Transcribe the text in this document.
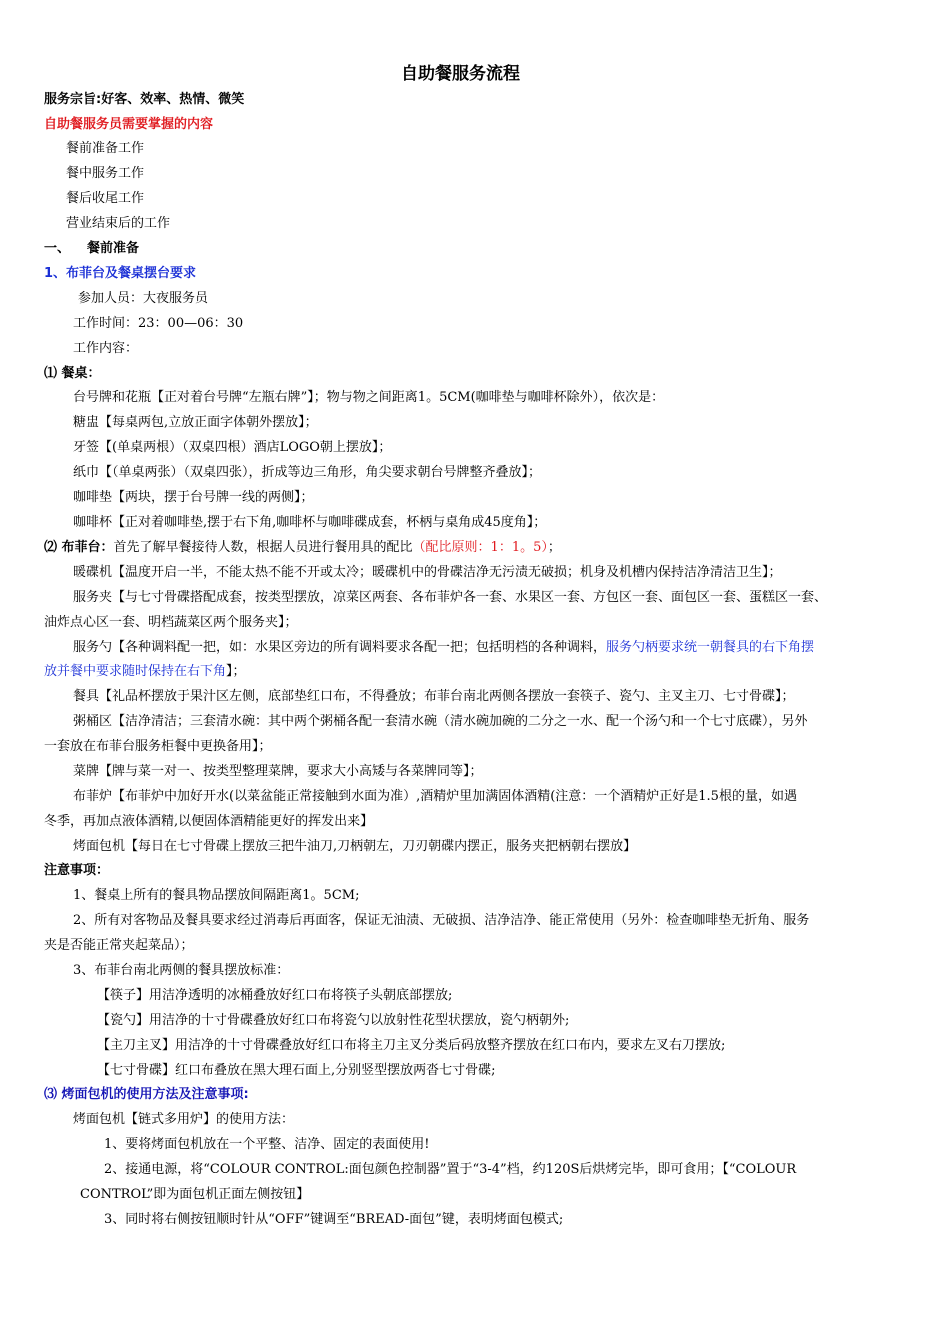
自助餐服务流程
服务宗旨:好客、效率、热情、微笑
自助餐服务员需要掌握的内容
餐前准备工作
餐中服务工作
餐后收尾工作
营业结束后的工作
一、 餐前准备
1、布菲台及餐桌摆台要求
参加人员：大夜服务员
工作时间：23：00—06：30
工作内容：
⑴ 餐桌：
台号牌和花瓶【正对着台号牌“左瓶右牌”】；物与物之间距离1。5CM(咖啡垫与咖啡杯除外），依次是：
糖盅【每桌两包,立放正面字体朝外摆放】；
牙签【(单桌两根）（双桌四根）酒店LOGO朝上摆放】；
纸巾【（单桌两张）（双桌四张），折成等边三角形，角尖要求朝台号牌整齐叠放】；
咖啡垫【两块，摆于台号牌一线的两侧】；
咖啡杯【正对着咖啡垫,摆于右下角,咖啡杯与咖啡碟成套，杯柄与桌角成45度角】；
⑵ 布菲台：首先了解早餐接待人数，根据人员进行餐用具的配比（配比原则：1：1。5）；
暖碟机【温度开启一半，不能太热不能不开或太冷；暖碟机中的骨碟洁净无污渍无破损；机身及机槽内保持洁净清洁卫生】；
服务夹【与七寸骨碟搭配成套，按类型摆放，凉菜区两套、各布菲炉各一套、水果区一套、方包区一套、面包区一套、蛋糕区一套、
油炸点心区一套、明档蔬菜区两个服务夹】；
服务勺【各种调料配一把，如：水果区旁边的所有调料要求各配一把；包括明档的各种调料，服务勺柄要求统一朝餐具的右下角摆
放并餐中要求随时保持在右下角】；
餐具【礼品杯摆放于果汁区左侧，底部垫红口布，不得叠放；布菲台南北两侧各摆放一套筷子、瓷勺、主叉主刀、七寸骨碟】；
粥桶区【洁净清洁；三套清水碗：其中两个粥桶各配一套清水碗（清水碗加碗的二分之一水、配一个汤勺和一个七寸底碟），另外
一套放在布菲台服务柜餐中更换备用】；
菜牌【牌与菜一对一、按类型整理菜牌，要求大小高矮与各菜牌同等】；
布菲炉【布菲炉中加好开水(以菜盆能正常接触到水面为准）,酒精炉里加满固体酒精(注意：一个酒精炉正好是1.5根的量，如遇
冬季，再加点液体酒精,以便固体酒精能更好的挥发出来】
烤面包机【每日在七寸骨碟上摆放三把牛油刀,刀柄朝左，刀刃朝碟内摆正，服务夹把柄朝右摆放】
注意事项：
1、餐桌上所有的餐具物品摆放间隔距离1。5CM;
2、所有对客物品及餐具要求经过消毒后再面客，保证无油渍、无破损、洁净洁净、能正常使用（另外：检查咖啡垫无折角、服务
夹是否能正常夹起菜品）；
3、布菲台南北两侧的餐具摆放标准：
【筷子】用洁净透明的冰桶叠放好红口布将筷子头朝底部摆放;
【瓷勺】用洁净的十寸骨碟叠放好红口布将瓷勺以放射性花型状摆放，瓷勺柄朝外;
【主刀主叉】用洁净的十寸骨碟叠放好红口布将主刀主叉分类后码放整齐摆放在红口布内，要求左叉右刀摆放;
【七寸骨碟】红口布叠放在黑大理石面上,分别竖型摆放两沓七寸骨碟;
⑶ 烤面包机的使用方法及注意事项:
烤面包机【链式多用炉】的使用方法：
1、要将烤面包机放在一个平整、洁净、固定的表面使用!
2、接通电源，将“COLOUR CONTROL:面包颜色控制器”置于“3-4”档，约120S后烘烤完毕，即可食用；【“COLOUR
CONTROL”即为面包机正面左侧按钮】
3、同时将右侧按钮顺时针从“OFF”键调至“BREAD-面包”键，表明烤面包模式;
